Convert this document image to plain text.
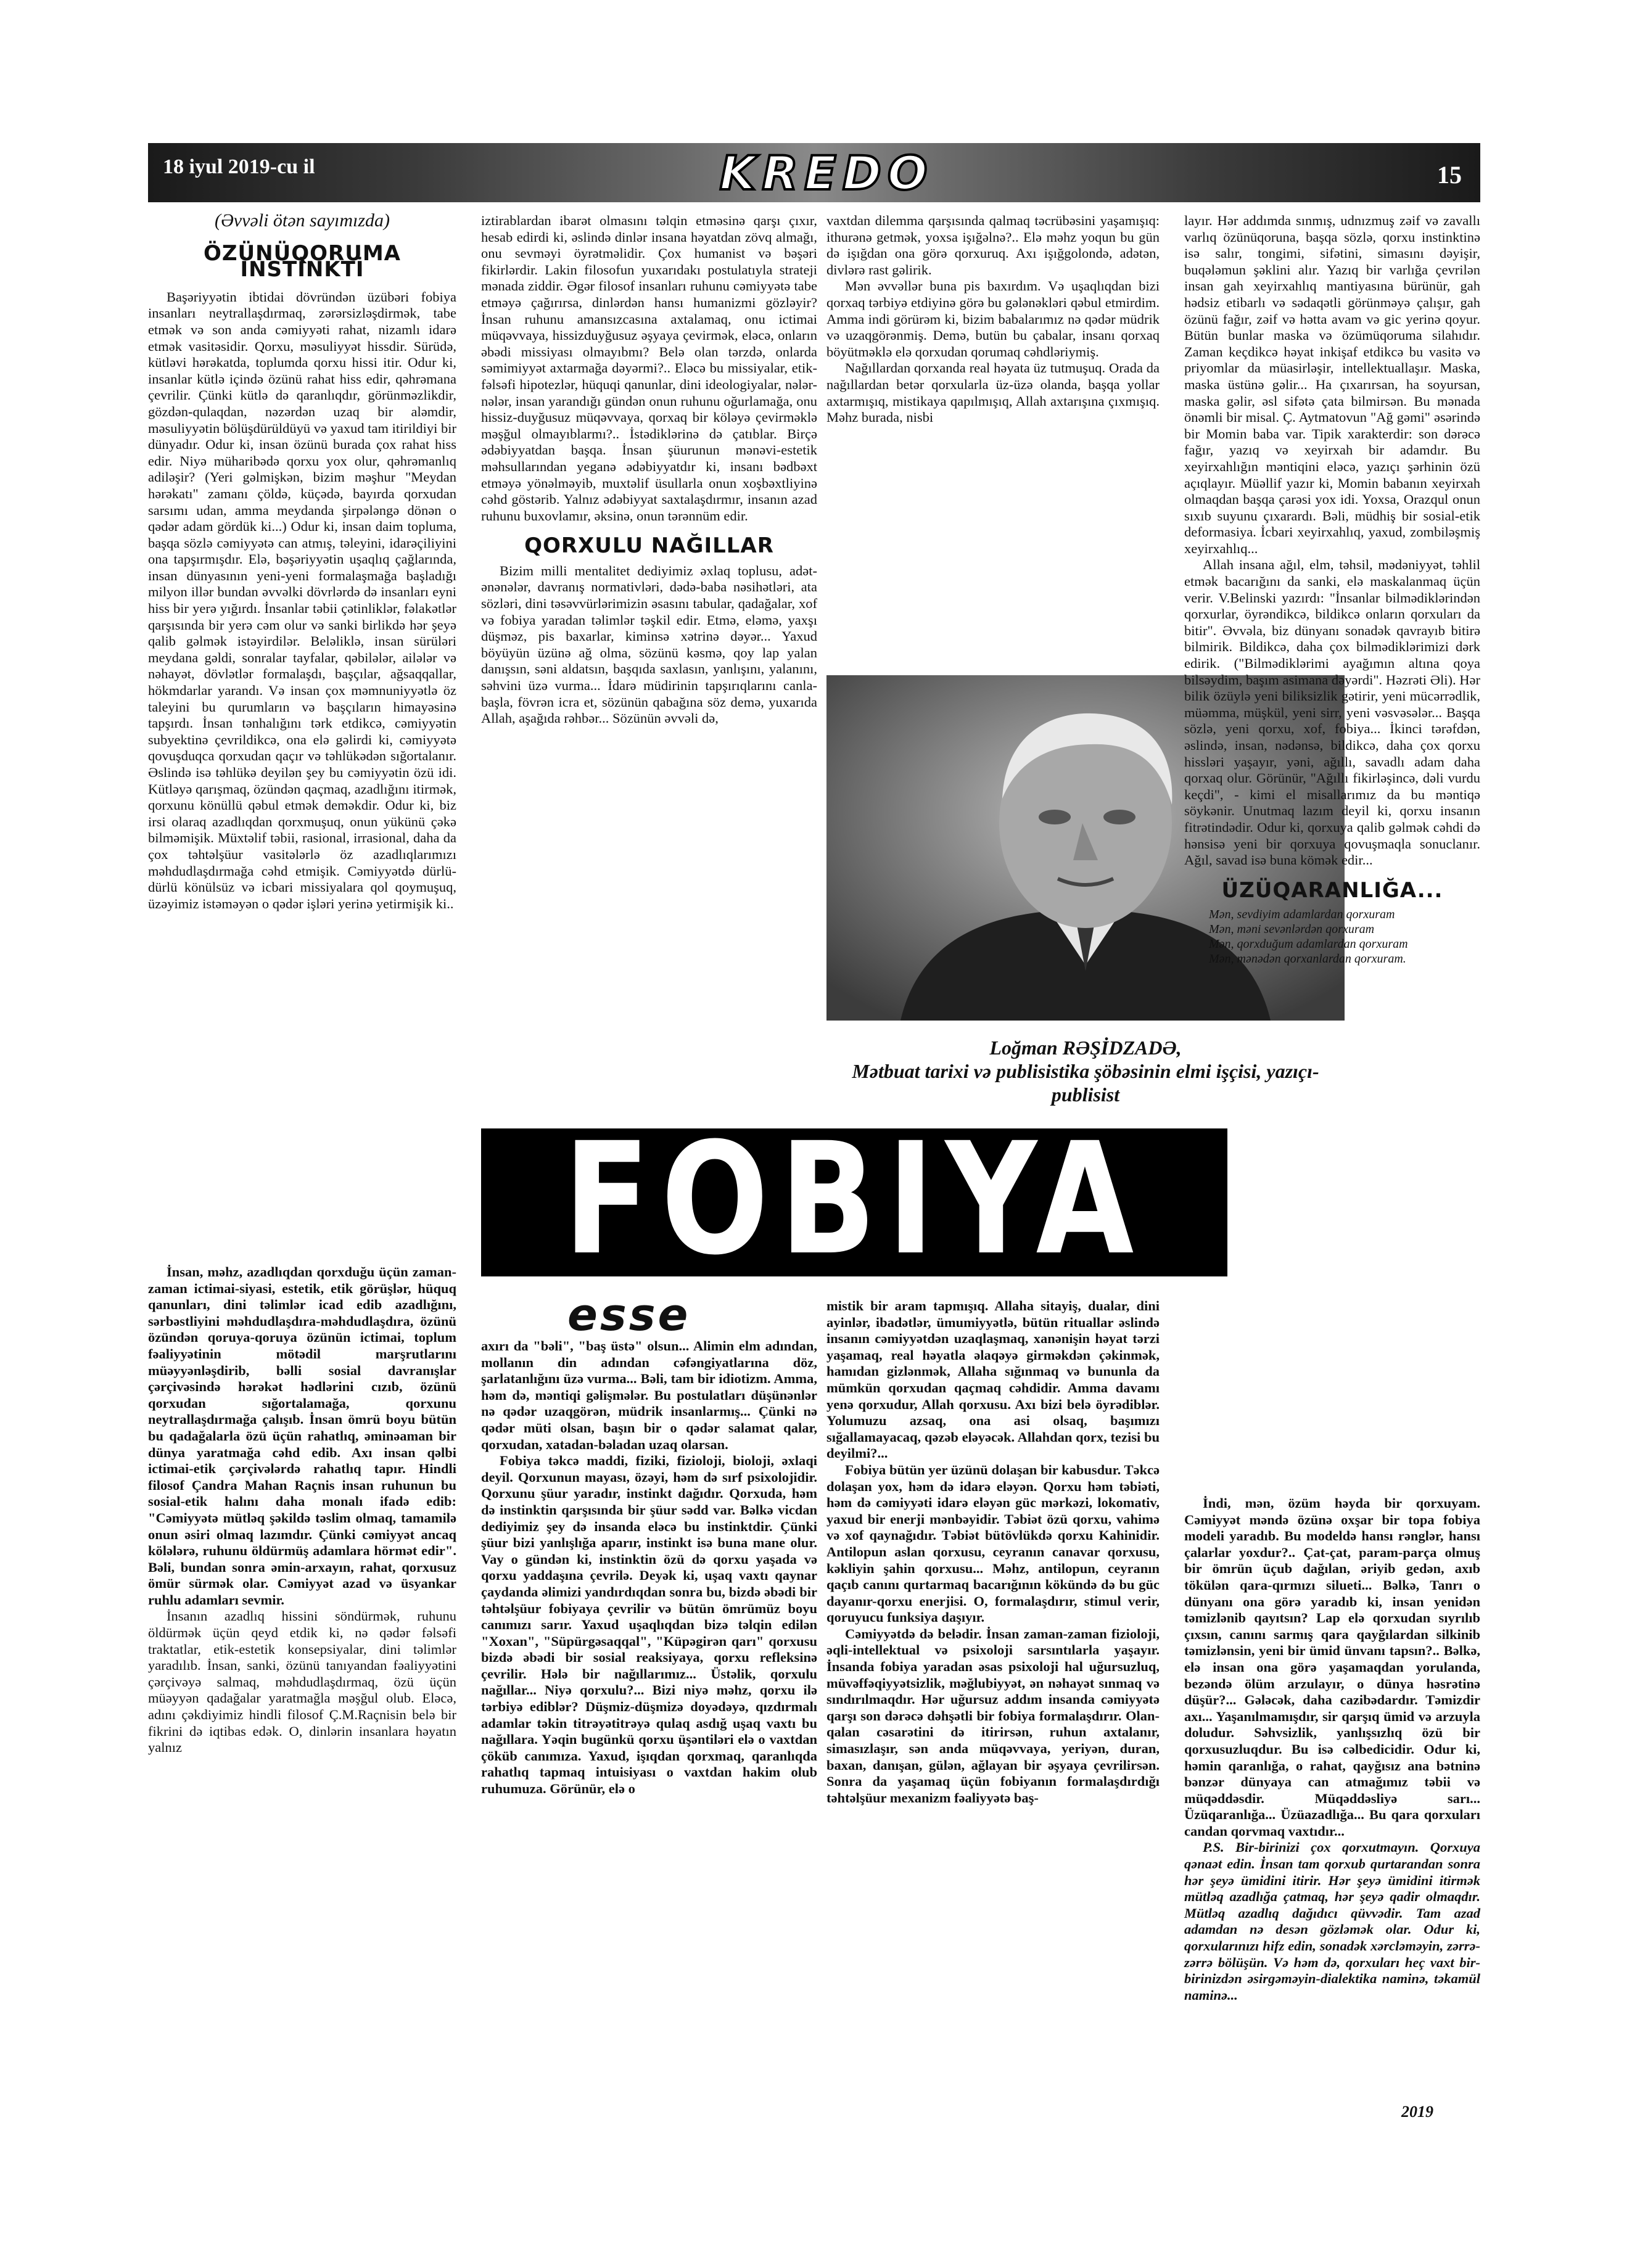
18 iyul 2019-cu il	KREDO	15
(Əvvəli ötən sayımızda)
ÖZÜNÜQORUMA İNSTİNKTİ

Başəriyyətin ibtidai dövründən üzübəri fobiya insanları neytrallaşdırmaq, zərərsizləşdirmək, tabe etmək və son anda cəmiyyəti rahat, nizamlı idarə etmək vasitəsidir. Qorxu, məsuliyyət hissdir. Sürüdə, kütləvi hərəkatda, toplumda qorxu hissi itir. Odur ki, insanlar kütlə içində özünü rahat hiss edir, qəhrəmana çevrilir. Çünki kütlə də qaranlıqdır, görünməzlikdir, gözdən-qulaqdan, nəzərdən uzaq bir aləmdir, məsuliyyətin bölüşdürüldüyü və yaxud tam itirildiyi bir dünyadır. Odur ki, insan özünü burada çox rahat hiss edir. Niyə müharibədə qorxu yox olur, qəhrəmanlıq adiləşir? (Yeri gəlmişkən, bizim məşhur "Meydan hərəkatı" zamanı çöldə, küçədə, bayırda qorxudan sarsımı udan, amma meydanda şirpələngə dönən o qədər adam gördük ki...) Odur ki, insan daim topluma, başqa sözlə cəmiyyətə can atmış, təleyini, idarəçiliyini ona tapşırmışdır. Elə, bəşəriyyətin uşaqlıq çağlarında, insan dünyasının yeni-yeni formalaşmağa başladığı milyon illər bundan əvvəlki dövrlərdə də insanları eyni hiss bir yerə yığırdı. İnsanlar təbii çətinliklər, fəlakətlər qarşısında bir yerə cəm olur və sanki birlikdə hər şeyə qalib gəlmək istəyirdilər. Beləliklə, insan sürüləri meydana gəldi, sonralar tayfalar, qəbilələr, ailələr və nəhayət, dövlətlər formalaşdı, başçılar, ağsaqqallar, hökmdarlar yarandı. Və insan çox məmnuniyyətlə öz taleyini bu qurumların və başçıların himayəsinə tapşırdı. İnsan tənhalığını tərk etdikcə, cəmiyyətin subyektinə çevrildikcə, ona elə gəlirdi ki, cəmiyyətə qovuşduqca qorxudan qaçır və təhlükədən sığortalanır. Əslində isə təhlükə deyilən şey bu cəmiyyətin özü idi. Kütləyə qarışmaq, özündən qaçmaq, azadlığını itirmək, qorxunu könüllü qəbul etmək deməkdir. Odur ki, biz irsi olaraq azadlıqdan qorxmuşuq, onun yükünü çəkə bilməmişik. Müxtəlif təbii, rasional, irrasional, daha da çox təhtəlşüur vasitələrlə öz azadlıqlarımızı məhdudlaşdırmağa cəhd etmişik. Cəmiyyətdə dürlü-dürlü könülsüz və icbari missiyalara qol qoymuşuq, üzəyimiz istəməyən o qədər işləri yerinə yetirmişik ki..

iztirablardan ibarət olmasını təlqin etməsinə qarşı çıxır, hesab edirdi ki, əslində dinlər insana həyatdan zövq almağı, onu sevməyi öyrətməlidir. Çox humanist və bəşəri fikirlərdir. Lakin filosofun yuxarıdakı postulatıyla strateji mənada ziddir. Əgər filosof insanları ruhunu cəmiyyətə tabe etməyə çağırırsa, dinlərdən hansı humanizmi gözləyir? İnsan ruhunu amansızcasına axtalamaq, onu ictimai müqəvvaya, hissizduyğusuz əşyaya çevirmək, eləcə, onların əbədi missiyası olmayıbmı? Belə olan tərzdə, onlarda səmimiyyət axtarmağa dəyərmi?.. Eləcə bu missiyalar, etik-fəlsəfi hipotezlər, hüquqi qanunlar, dini ideologiyalar, nələr-nələr, insan yarandığı gündən onun ruhunu oğurlamağa, onu hissiz-duyğusuz müqəvvaya, qorxaq bir köləyə çevirməklə məşğul olmayıblarmı?.. İstədiklərinə də çatıblar. Birçə ədəbiyyatdan başqa. İnsan şüurunun mənəvi-estetik məhsullarından yeganə ədəbiyyatdır ki, insanı bədbəxt etməyə yönəlməyib, muxtəlif üsullarla onun xoşbəxtliyinə cəhd göstərib. Yalnız ədəbiyyat saxtalaşdırmır, insanın azad ruhunu buxovlamır, əksinə, onun tərənnüm edir.

QORXULU NAĞILLAR

Bizim milli mentalitet dediyimiz əxlaq toplusu, adət-ənənələr, davranış normativləri, dədə-baba nəsihətləri, ata sözləri, dini təsəvvürlərimizin əsasını tabular, qadağalar, xof və fobiya yaradan təlimlər təşkil edir. Etmə, eləmə, yaxşı düşməz, pis baxarlar, kiminsə xətrinə dəyər... Yaxud böyüyün üzünə ağ olma, sözünü kəsmə, qoy lap yalan danışsın, səni aldatsın, başqıda saxlasın, yanlışını, yalanını, səhvini üzə vurma... İdarə müdirinin tapşırıqlarını canla-başla, fövrən icra et, sözünün qabağına söz demə, yuxarıda Allah, aşağıda rəhbər... Sözünün əvvəli də,

vaxtdan dilemma qarşısında qalmaq təcrübəsini yaşamışıq: ithurənə getmək, yoxsa işığəlnə?.. Elə məhz yoqun bu gün də işığdan ona görə qorxuruq. Axı işığgolondə, adətən, divlərə rast gəlirik.

Mən əvvəllər buna pis baxırdım. Və uşaqlıqdan bizi qorxaq tərbiyə etdiyinə görə bu gələnəkləri qəbul etmirdim. Amma indi görürəm ki, bizim babalarımız nə qədər müdrik və uzaqgörənmiş. Demə, butün bu çabalar, insanı qorxaq böyütməklə elə qorxudan qorumaq cəhdləriymiş.

Nağıllardan qorxanda real həyata üz tutmuşuq. Orada da nağıllardan betər qorxularla üz-üzə olanda, başqa yollar axtarmışıq, mistikaya qapılmışıq, Allah axtarışına çıxmışıq. Məhz burada, nisbi

Loğman RƏŞİDZADƏ,
Mətbuat tarixi və publisistika şöbəsinin elmi işçisi, yazıçı-publisist

layır. Hər addımda sınmış, udnızmuş zəif və zavallı varlıq özünüqoruna, başqa sözlə, qorxu instinktinə isə salır, tongimi, sifətini, simasını dəyişir, buqələmun şəklini alır. Yazıq bir varlığa çevrilən insan gah xeyirxahlıq mantiyasına bürünür, gah hədsiz etibarlı və sədaqətli görünməyə çalışır, gah özünü fağır, zəif və hətta avam və gic yerinə qoyur. Bütün bunlar maska və özümüqoruma silahıdır. Zaman keçdikcə həyat inkişaf etdikcə bu vasitə və priyomlar da müasirləşir, intellektuallaşır. Maska, maska üstünə gəlir... Ha çıxarırsan, ha soyursan, maska gəlir, əsl sifətə çata bilmirsən. Bu mənada önəmli bir misal. Ç. Aytmatovun "Ağ gəmi" əsərində bir Momin baba var. Tipik xarakterdir: son dərəcə fağır, yazıq və xeyirxah bir adamdır. Bu xeyirxahlığın məntiqini eləcə, yazıçı şərhinin özü açıqlayır. Müəllif yazır ki, Momin babanın xeyirxah olmaqdan başqa çarəsi yox idi. Yoxsa, Orazqul onun sıxıb suyunu çıxarardı. Bəli, müdhiş bir sosial-etik deformasiya. İcbari xeyirxahlıq, yaxud, zombiləşmiş xeyirxahlıq...

Allah insana ağıl, elm, təhsil, mədəniyyət, təhlil etmək bacarığını da sanki, elə maskalanmaq üçün verir. V.Belinski yazırdı: "İnsanlar bilmədiklərindən qorxurlar, öyrəndikcə, bildikcə onların qorxuları da bitir". Əvvəla, biz dünyanı sonadək qavrayıb bitirə bilmirik. Bildikcə, daha çox bilmədiklərimizi dərk edirik. ("Bilmədiklərimi ayağımın altına qoya bilsəydim, başım asimana dəyərdi". Həzrəti Əli). Hər bilik özüylə yeni biliksizlik gətirir, yeni mücərrədlik, müəmma, müşkül, yeni sirr, yeni vəsvəsələr... Başqa sözlə, yeni qorxu, xof, fobiya... İkinci tərəfdən, əslində, insan, nədənsə, bildikcə, daha çox qorxu hissləri yaşayır, yəni, ağıllı, savadlı adam daha qorxaq olur. Görünür, "Ağıllı fikirləşincə, dəli vurdu keçdi", - kimi el misallarımız da bu məntiqə söykənir. Unutmaq lazım deyil ki, qorxu insanın fitrətindədir. Odur ki, qorxuya qalib gəlmək cəhdi də hənsisə yeni bir qorxuya qovuşmaqla sonuclanır. Ağıl, savad isə buna kömək edir...

ÜZÜQARANLIĞA...
Mən, sevdiyim adamlardan qorxuram
Mən, məni sevənlərdən qorxuram
Mən, qorxduğum adamlardan qorxuram
Mən, mənədən qorxanlardan qorxuram.
FOBİYA
esse

İnsan, məhz, azadlıqdan qorxduğu üçün zaman-zaman ictimai-siyasi, estetik, etik görüşlər, hüquq qanunları, dini təlimlər icad edib azadlığını, sərbəstliyini məhdudlaşdıra-məhdudlaşdıra, özünü özündən qoruya-qoruya özünün ictimai, toplum fəaliyyətinin mötədil marşrutlarını müəyyənləşdirib, bəlli sosial davranışlar çərçivəsində hərəkət hədlərini cızıb, özünü qorxudan sığortalamağa, qorxunu neytrallaşdırmağa çalışıb. İnsan ömrü boyu bütün bu qadağalarla özü üçün rahatlıq, əminəaman bir dünya yaratmağa cəhd edib. Axı insan qəlbi ictimai-etik çərçivələrdə rahatlıq tapır. Hindli filosof Çandra Mahan Raçnis insan ruhunun bu sosial-etik halını daha monalı ifadə edib: "Cəmiyyətə mütləq şəkildə təslim olmaq, tamamilə onun əsiri olmaq lazımdır. Çünki cəmiyyət ancaq kölələrə, ruhunu öldürmüş adamlara hörmət edir". Bəli, bundan sonra əmin-arxayın, rahat, qorxusuz ömür sürmək olar. Cəmiyyət azad və üsyankar ruhlu adamları sevmir.

İnsanın azadlıq hissini söndürmək, ruhunu öldürmək üçün qeyd etdik ki, nə qədər fəlsəfi traktatlar, etik-estetik konsepsiyalar, dini təlimlər yaradılıb. İnsan, sanki, özünü tanıyandan fəaliyyətini çərçivəyə salmaq, məhdudlaşdırmaq, özü üçün müəyyən qadağalar yaratmağla məşğul olub. Eləcə, adını çəkdiyimiz hindli filosof Ç.M.Raçnisin belə bir fikrini də iqtibas edək. O, dinlərin insanlara həyatın yalnız

axırı da "bəli", "baş üstə" olsun... Alimin elm adından, mollanın din adından cəfəngiyatlarına döz, şarlatanlığını üzə vurma... Bəli, tam bir idiotizm. Amma, həm də, məntiqi gəlişmələr. Bu postulatları düşünənlər nə qədər uzaqgörən, müdrik insanlarmış... Çünki nə qədər müti olsan, başın bir o qədər salamat qalar, qorxudan, xatadan-bəladan uzaq olarsan.

Fobiya təkcə maddi, fiziki, fizioloji, bioloji, əxlaqi deyil. Qorxunun mayası, özəyi, həm də sırf psixolojidir. Qorxunu şüur yaradır, instinkt dağıdır. Qorxuda, həm də instinktin qarşısında bir şüur sədd var. Bəlkə vicdan dediyimiz şey də insanda eləcə bu instinktdir. Çünki şüur bizi yanlışlığa aparır, instinkt isə buna mane olur. Vay o gündən ki, instinktin özü də qorxu yaşada və qorxu yaddaşına çevrilə. Deyək ki, uşaq vaxtı qaynar çaydanda əlimizi yandırdıqdan sonra bu, bizdə əbədi bir təhtəlşüur fobiyaya çevrilir və bütün ömrümüz boyu canımızı sarır. Yaxud uşaqlıqdan bizə təlqin edilən "Xoxan", "Süpürgəsaqqal", "Küpəgirən qarı" qorxusu bizdə əbədi bir sosial reaksiyaya, qorxu refleksinə çevrilir. Hələ bir nağıllarımız... Üstəlik, qorxulu nağıllar... Niyə qorxulu?... Bizi niyə məhz, qorxu ilə tərbiyə ediblər? Düşmiz-düşmizə doyədəyə, qızdırmalı adamlar təkin titrəyətitrəyə qulaq asdığ uşaq vaxtı bu nağıllara. Yəqin bugünkü qorxu üşəntiləri elə o vaxtdan çöküb canımıza. Yaxud, işıqdan qorxmaq, qaranlıqda rahatlıq tapmaq intuisiyası o vaxtdan hakim olub ruhumuza. Görünür, elə o

mistik bir aram tapmışıq. Allaha sitayiş, dualar, dini ayinlər, ibadətlər, ümumiyyətlə, bütün rituallar əslində insanın cəmiyyətdən uzaqlaşmaq, xanənişin həyat tərzi yaşamaq, real həyatla əlaqəyə girməkdən çəkinmək, hamıdan gizlənmək, Allaha sığınmaq və bununla da mümkün qorxudan qaçmaq cəhdidir. Amma davamı yenə qorxudur, Allah qorxusu. Axı bizi belə öyrədiblər. Yolumuzu azsaq, ona asi olsaq, başımızı sığallamayacaq, qəzəb eləyəcək. Allahdan qorx, tezisi bu deyilmi?...

Fobiya bütün yer üzünü dolaşan bir kabusdur. Təkcə dolaşan yox, həm də idarə eləyən. Qorxu həm təbiəti, həm də cəmiyyəti idarə eləyən güc mərkəzi, lokomativ, yaxud bir enerji mənbəyidir. Təbiət özü qorxu, vahimə və xof qaynağıdır. Təbiət bütövlükdə qorxu Kahinidir. Antilopun aslan qorxusu, ceyranın canavar qorxusu, kəkliyin şahin qorxusu... Məhz, antilopun, ceyranın qaçıb canını qurtarmaq bacarığının kökündə də bu güc dayanır-qorxu enerjisi. O, formalaşdırır, stimul verir, qoruyucu funksiya daşıyır.

Cəmiyyətdə də belədir. İnsan zaman-zaman fizioloji, əqli-intellektual və psixoloji sarsıntılarla yaşayır. İnsanda fobiya yaradan əsas psixoloji hal uğursuzluq, müvəffəqiyyətsizlik, məğlubiyyət, ən nəhayət sınmaq və sındırılmaqdır. Hər uğursuz addım insanda cəmiyyətə qarşı son dərəcə dəhşətli bir fobiya formalaşdırır. Olan-qalan cəsarətini də itirirsən, ruhun axtalanır, simasızlaşır, sən anda müqəvvaya, yeriyən, duran, baxan, danışan, gülən, ağlayan bir əşyaya çevrilirsən. Sonra da yaşamaq üçün fobiyanın formalaşdırdığı təhtəlşüur mexanizm fəaliyyətə baş-

İndi, mən, özüm həyda bir qorxuyam. Cəmiyyət məndə özünə oxşar bir topa fobiya modeli yaradıb. Bu modeldə hansı rənglər, hansı çalarlar yoxdur?.. Çat-çat, param-parça olmuş bir ömrün üçub dağılan, əriyib gedən, axıb tökülən qara-qırmızı silueti... Bəlkə, Tanrı o dünyanı ona görə yaradıb ki, insan yenidən təmizlənib qayıtsın? Lap elə qorxudan sıyrılıb çıxsın, canını sarmış qara qayğılardan silkinib təmizlənsin, yeni bir ümid ünvanı tapsın?.. Bəlkə, elə insan ona görə yaşamaqdan yorulanda, bezəndə ölüm arzulayır, o dünya həsrətinə düşür?... Gələcək, daha cazibədardır. Təmizdir axı... Yaşanılmamışdır, sir qarşıq ümid və arzuyla doludur. Səhvsizlik, yanlışsızlıq özü bir qorxusuzluqdur. Bu isə cəlbedicidir. Odur ki, həmin qaranlığa, o rahat, qayğısız ana bətninə bənzər dünyaya can atmağımız təbii və müqəddəsdir. Müqəddəsliyə sarı... Üzüqaranlığa... Üzüazadlığa... Bu qara qorxuları candan qorvmaq vaxtıdır...

P.S. Bir-birinizi çox qorxutmayın. Qorxuya qənaət edin. İnsan tam qorxub qurtarandan sonra hər şeyə ümidini itirir. Hər şeyə ümidini itirmək mütləq azadlığa çatmaq, hər şeyə qadir olmaqdır. Mütləq azadlıq dağıdıcı qüvvədir. Tam azad adamdan nə desən gözləmək olar. Odur ki, qorxularınızı hifz edin, sonadək xərcləməyin, zərrə-zərrə bölüşün. Və həm də, qorxuları heç vaxt bir-birinizdən əsirgəməyin-dialektika naminə, təkamül naminə...

2019
